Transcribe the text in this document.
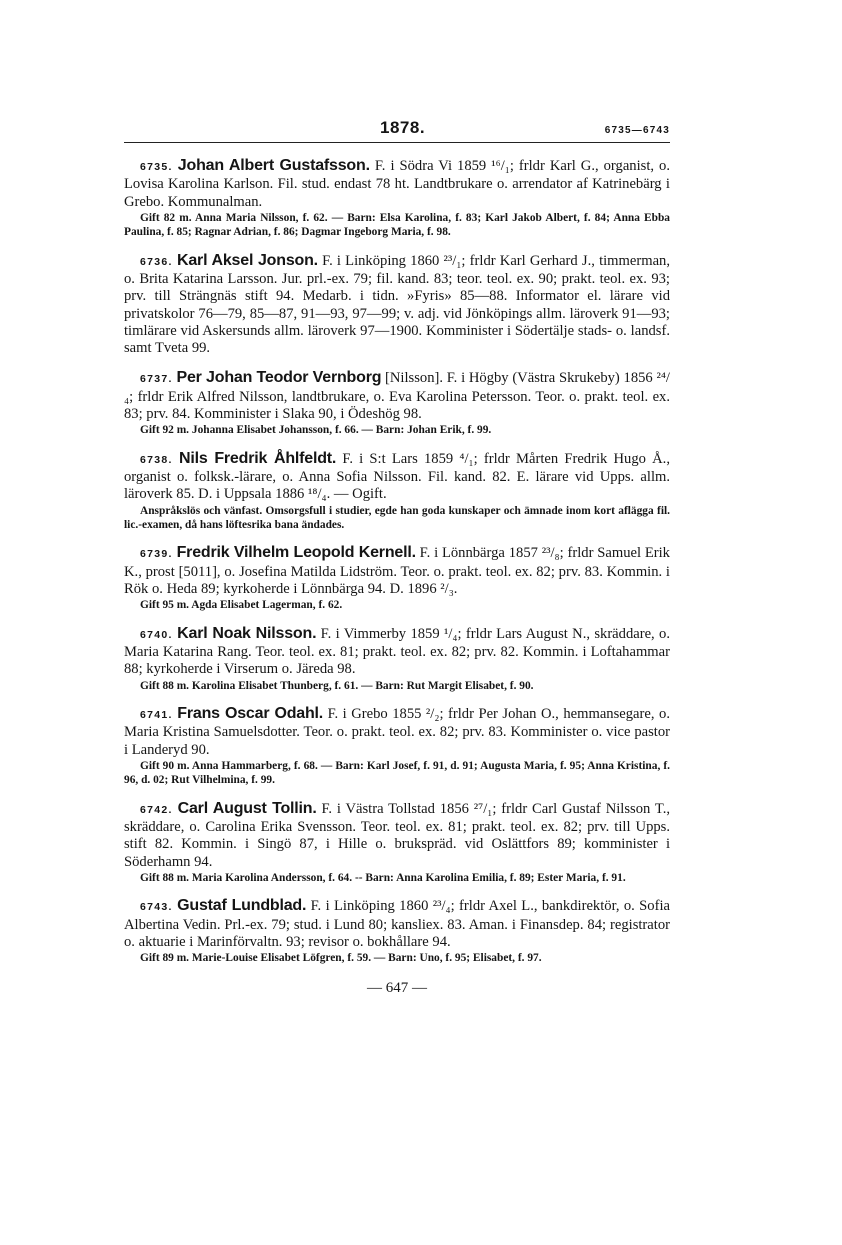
1878.	6735—6743

6735. Johan Albert Gustafsson. F. i Södra Vi 1859 ¹⁶/₁; frldr Karl G., organist, o. Lovisa Karolina Karlson. Fil. stud. endast 78 ht. Landtbrukare o. arrendator af Katrinebärg i Grebo. Kommunalman.

Gift 82 m. Anna Maria Nilsson, f. 62. — Barn: Elsa Karolina, f. 83; Karl Jakob Albert, f. 84; Anna Ebba Paulina, f. 85; Ragnar Adrian, f. 86; Dagmar Ingeborg Maria, f. 98.

6736. Karl Aksel Jonson. F. i Linköping 1860 ²³/₁; frldr Karl Gerhard J., timmerman, o. Brita Katarina Larsson. Jur. prl.-ex. 79; fil. kand. 83; teor. teol. ex. 90; prakt. teol. ex. 93; prv. till Strängnäs stift 94. Medarb. i tidn. »Fyris» 85—88. Informator el. lärare vid privatskolor 76—79, 85—87, 91—93, 97—99; v. adj. vid Jönköpings allm. läroverk 91—93; timlärare vid Askersunds allm. läroverk 97—1900. Komminister i Södertälje stads- o. landsf. samt Tveta 99.

6737. Per Johan Teodor Vernborg [Nilsson]. F. i Högby (Västra Skrukeby) 1856 ²⁴/₄; frldr Erik Alfred Nilsson, landtbrukare, o. Eva Karolina Petersson. Teor. o. prakt. teol. ex. 83; prv. 84. Komminister i Slaka 90, i Ödeshög 98.

Gift 92 m. Johanna Elisabet Johansson, f. 66. — Barn: Johan Erik, f. 99.

6738. Nils Fredrik Åhlfeldt. F. i S:t Lars 1859 ⁴/₁; frldr Mårten Fredrik Hugo Å., organist o. folksk.-lärare, o. Anna Sofia Nilsson. Fil. kand. 82. E. lärare vid Upps. allm. läroverk 85. D. i Uppsala 1886 ¹⁸/₄. — Ogift.

Anspråkslös och vänfast. Omsorgsfull i studier, egde han goda kunskaper och ämnade inom kort aflägga fil. lic.-examen, då hans löftesrika bana ändades.

6739. Fredrik Vilhelm Leopold Kernell. F. i Lönnbärga 1857 ²³/₈; frldr Samuel Erik K., prost [5011], o. Josefina Matilda Lidström. Teor. o. prakt. teol. ex. 82; prv. 83. Kommin. i Rök o. Heda 89; kyrkoherde i Lönnbärga 94. D. 1896 ²/₃.

Gift 95 m. Agda Elisabet Lagerman, f. 62.

6740. Karl Noak Nilsson. F. i Vimmerby 1859 ¹/₄; frldr Lars August N., skräddare, o. Maria Katarina Rang. Teor. teol. ex. 81; prakt. teol. ex. 82; prv. 82. Kommin. i Loftahammar 88; kyrkoherde i Virserum o. Järeda 98.

Gift 88 m. Karolina Elisabet Thunberg, f. 61. — Barn: Rut Margit Elisabet, f. 90.

6741. Frans Oscar Odahl. F. i Grebo 1855 ²/₂; frldr Per Johan O., hemmansegare, o. Maria Kristina Samuelsdotter. Teor. o. prakt. teol. ex. 82; prv. 83. Komminister o. vice pastor i Landeryd 90.

Gift 90 m. Anna Hammarberg, f. 68. — Barn: Karl Josef, f. 91, d. 91; Augusta Maria, f. 95; Anna Kristina, f. 96, d. 02; Rut Vilhelmina, f. 99.

6742. Carl August Tollin. F. i Västra Tollstad 1856 ²⁷/₁; frldr Carl Gustaf Nilsson T., skräddare, o. Carolina Erika Svensson. Teor. teol. ex. 81; prakt. teol. ex. 82; prv. till Upps. stift 82. Kommin. i Singö 87, i Hille o. brukspräd. vid Oslättfors 89; komminister i Söderhamn 94.

Gift 88 m. Maria Karolina Andersson, f. 64. -- Barn: Anna Karolina Emilia, f. 89; Ester Maria, f. 91.

6743. Gustaf Lundblad. F. i Linköping 1860 ²³/₄; frldr Axel L., bankdirektör, o. Sofia Albertina Vedin. Prl.-ex. 79; stud. i Lund 80; kansliex. 83. Aman. i Finansdep. 84; registrator o. aktuarie i Marinförvaltn. 93; revisor o. bokhållare 94.

Gift 89 m. Marie-Louise Elisabet Löfgren, f. 59. — Barn: Uno, f. 95; Elisabet, f. 97.

— 647 —
